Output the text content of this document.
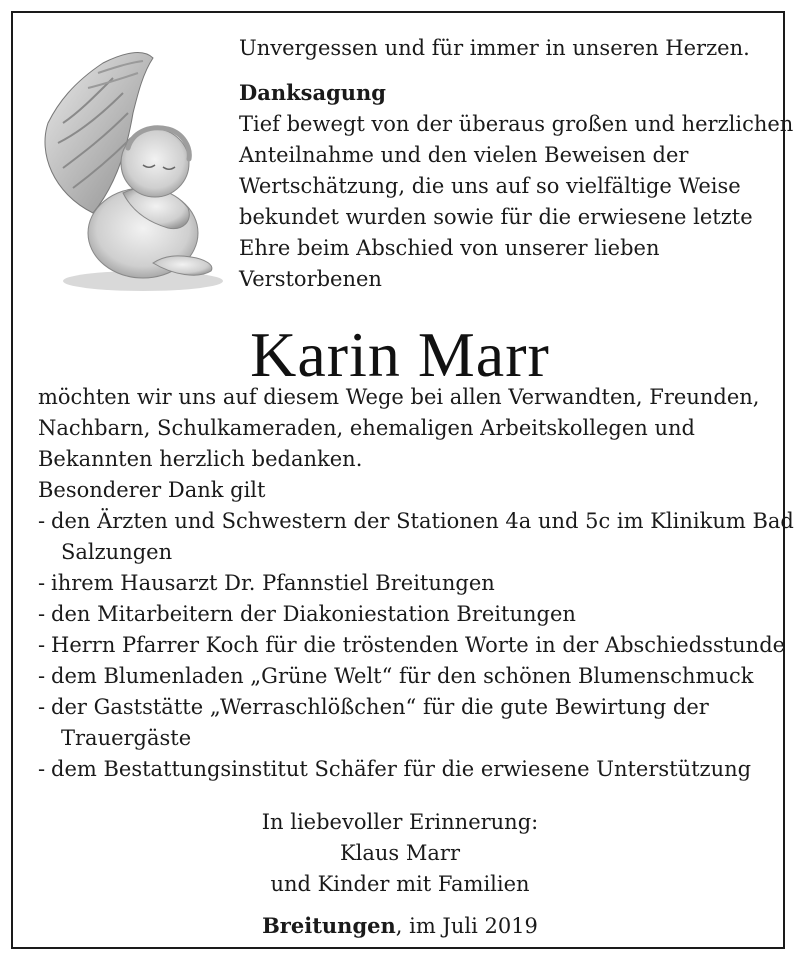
Unvergessen und für immer in unseren Herzen.
Danksagung
Tief bewegt von der überaus großen und herzlichen
Anteilnahme und den vielen Beweisen der
Wertschätzung, die uns auf so vielfältige Weise
bekundet wurden sowie für die erwiesene letzte
Ehre beim Abschied von unserer lieben
Verstorbenen
Karin Marr
möchten wir uns auf diesem Wege bei allen Verwandten, Freunden,
Nachbarn, Schulkameraden, ehemaligen Arbeitskollegen und
Bekannten herzlich bedanken.
Besonderer Dank gilt
- den Ärzten und Schwestern der Stationen 4a und 5c im Klinikum Bad
Salzungen
- ihrem Hausarzt Dr. Pfannstiel Breitungen
- den Mitarbeitern der Diakoniestation Breitungen
- Herrn Pfarrer Koch für die tröstenden Worte in der Abschiedsstunde
- dem Blumenladen „Grüne Welt“ für den schönen Blumenschmuck
- der Gaststätte „Werraschlößchen“ für die gute Bewirtung der
Trauergäste
- dem Bestattungsinstitut Schäfer für die erwiesene Unterstützung
In liebevoller Erinnerung:
Klaus Marr
und Kinder mit Familien
Breitungen, im Juli 2019
